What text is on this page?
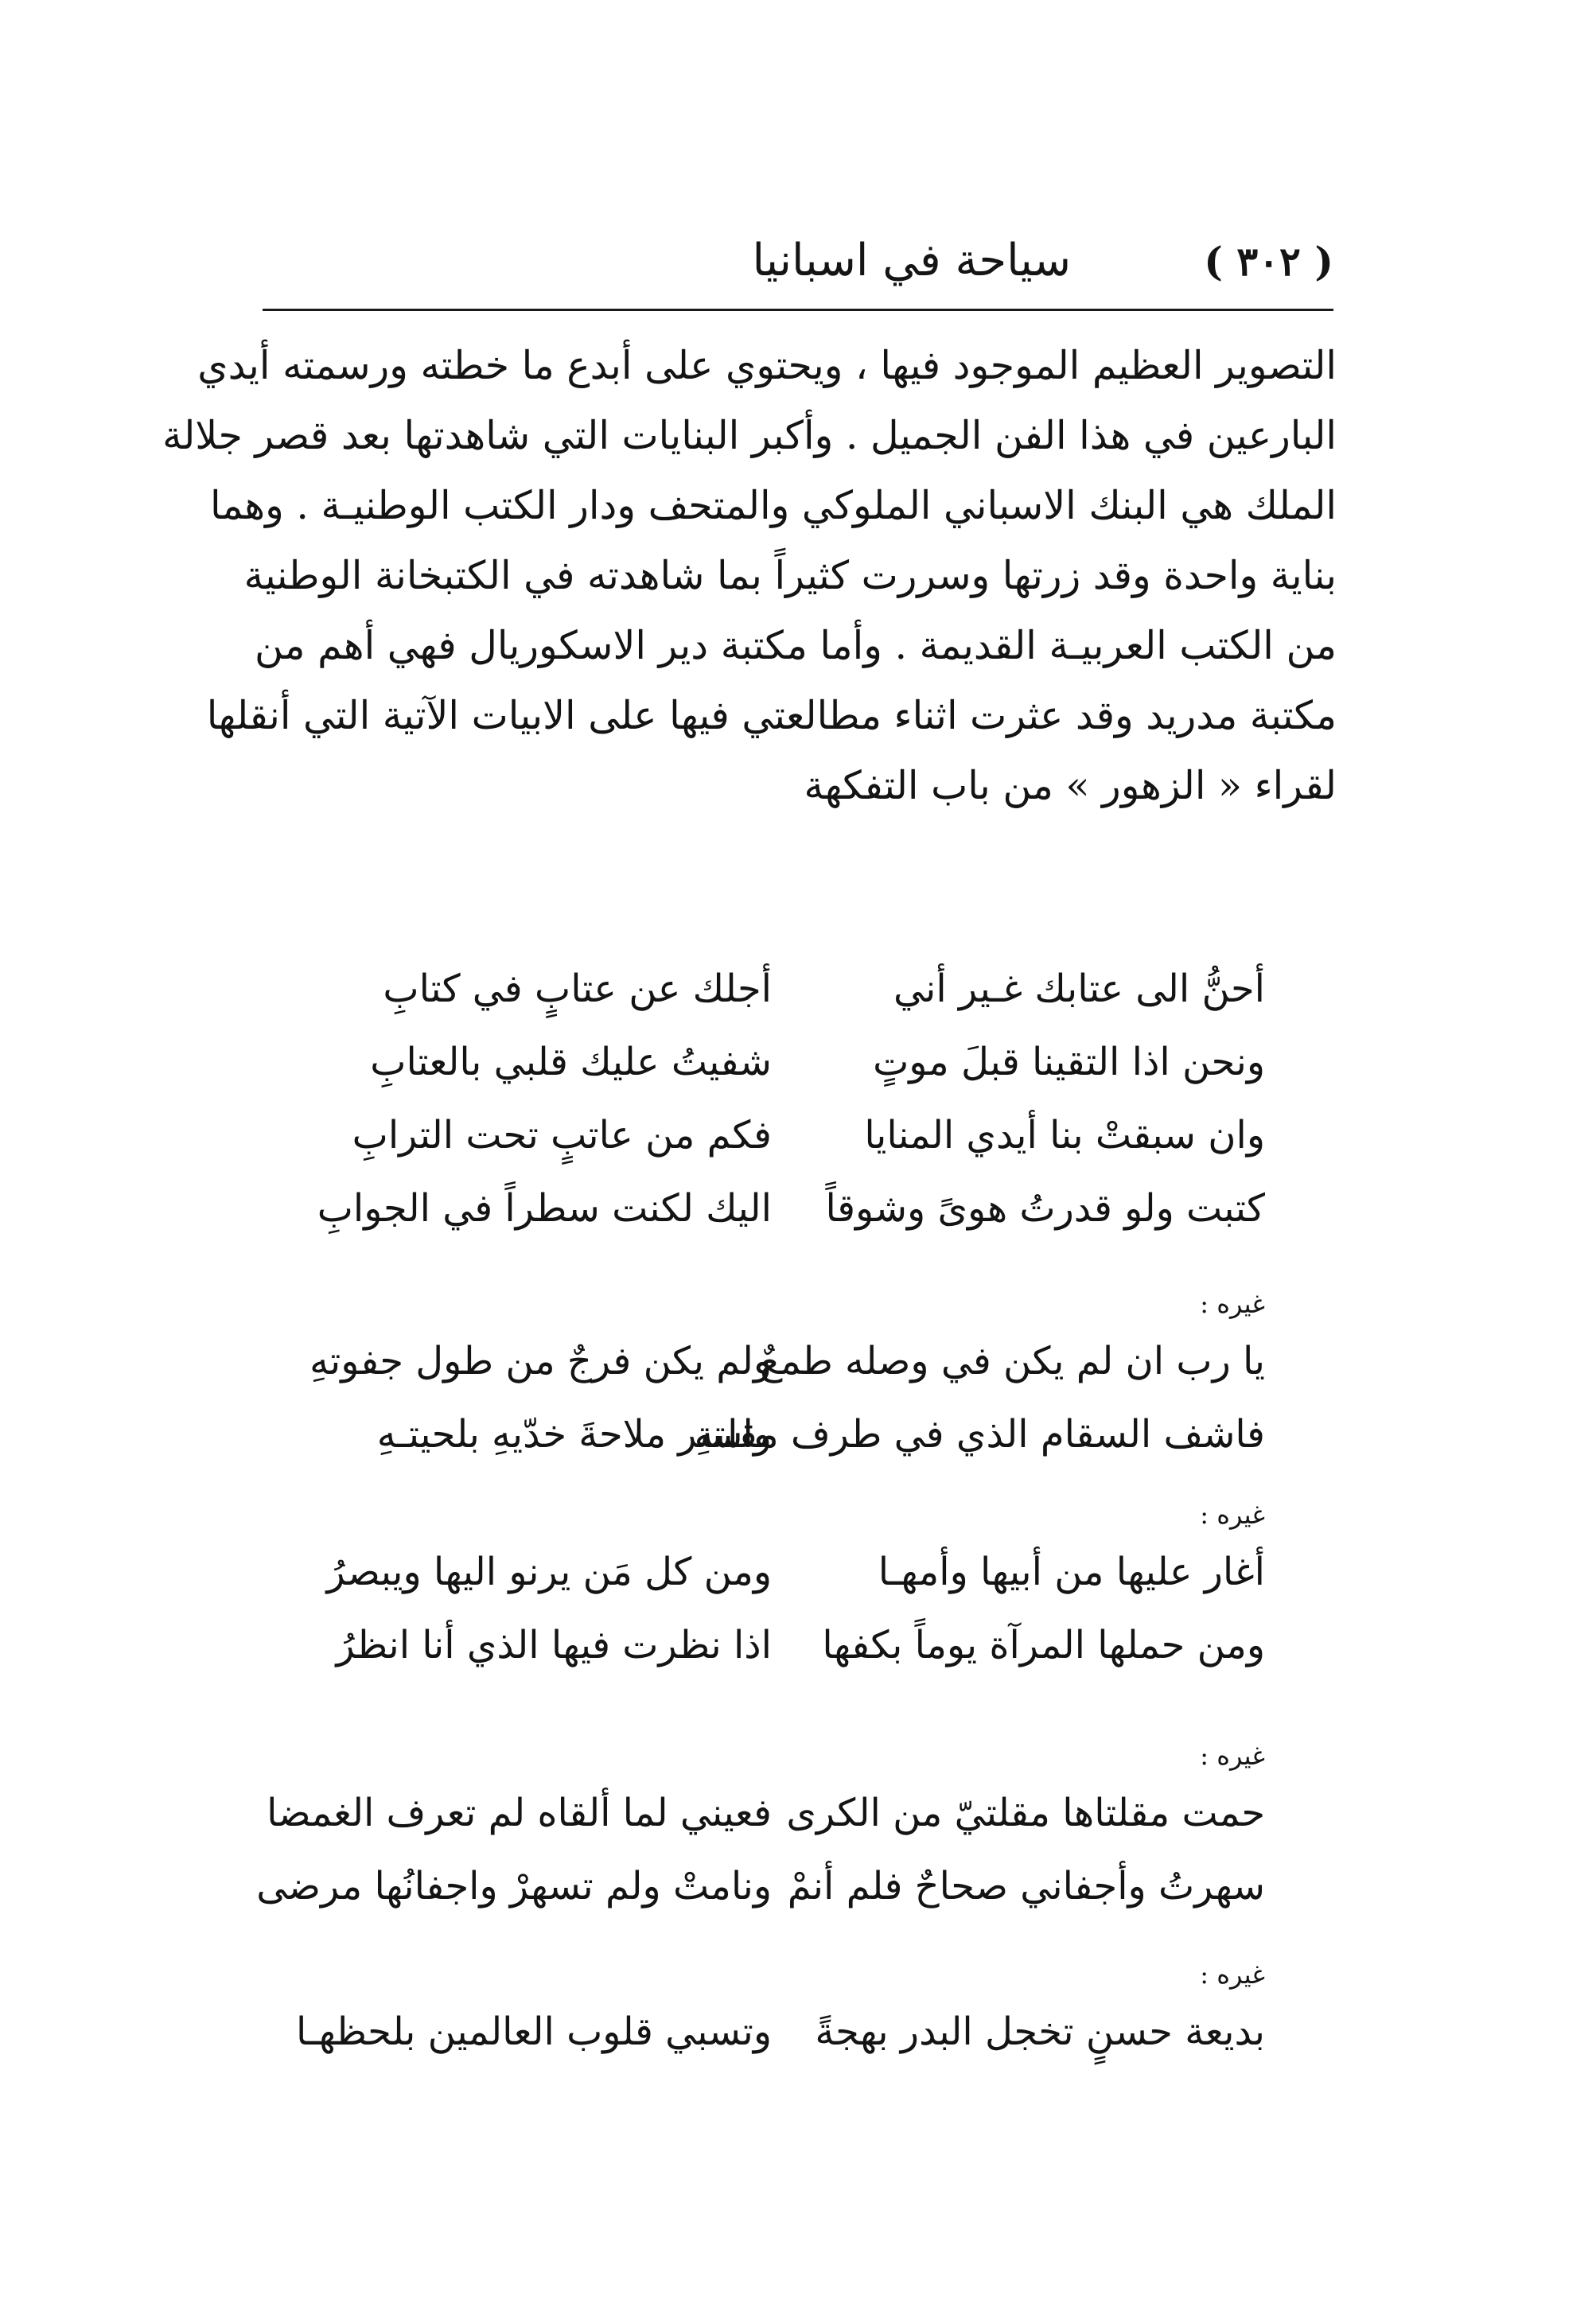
( ٣٠٢ )
سياحة في اسبانيا
التصوير العظيم الموجود فيها ، ويحتوي على أبدع ما خطته ورسمته أيدي
البارعين في هذا الفن الجميل . وأكبر البنايات التي شاهدتها بعد قصر جلالة
الملك هي البنك الاسباني الملوكي والمتحف ودار الكتب الوطنيـة . وهما
بناية واحدة وقد زرتها وسررت كثيراً بما شاهدته في الكتبخانة الوطنية
من الكتب العربيـة القديمة . وأما مكتبة دير الاسكوريال فهي أهم من
مكتبة مدريد وقد عثرت اثناء مطالعتي فيها على الابيات الآتية التي أنقلها
لقراء « الزهور » من باب التفكهة
أحنُّ الى عتابك غـير أني
أجلك عن عتابٍ في كتابِ
ونحن اذا التقينا قبلَ موتٍ
شفيتُ عليك قلبي بالعتابِ
وان سبقتْ بنا أيدي المنايا
فكم من عاتبٍ تحت الترابِ
كتبت ولو قدرتُ هوىً وشوقاً
اليك لكنت سطراً في الجوابِ
غيره :
يا رب ان لم يكن في وصله طمعٌ
ولم يكن فرجٌ من طول جفوتهِ
فاشف السقام الذي في طرف مقلتهِ
واستر ملاحةَ خدّيهِ بلحيتـهِ
غيره :
أغار عليها من أبيها وأمهـا
ومن كل مَن يرنو اليها ويبصرُ
ومن حملها المرآة يوماً بكفها
اذا نظرت فيها الذي أنا انظرُ
غيره :
حمت مقلتاها مقلتيّ من الكرى
فعيني لما ألقاه لم تعرف الغمضا
سهرتُ وأجفاني صحاحٌ فلم أنمْ
ونامتْ ولم تسهرْ واجفانُها مرضى
غيره :
بديعة حسنٍ تخجل البدر بهجةً
وتسبي قلوب العالمين بلحظهـا
